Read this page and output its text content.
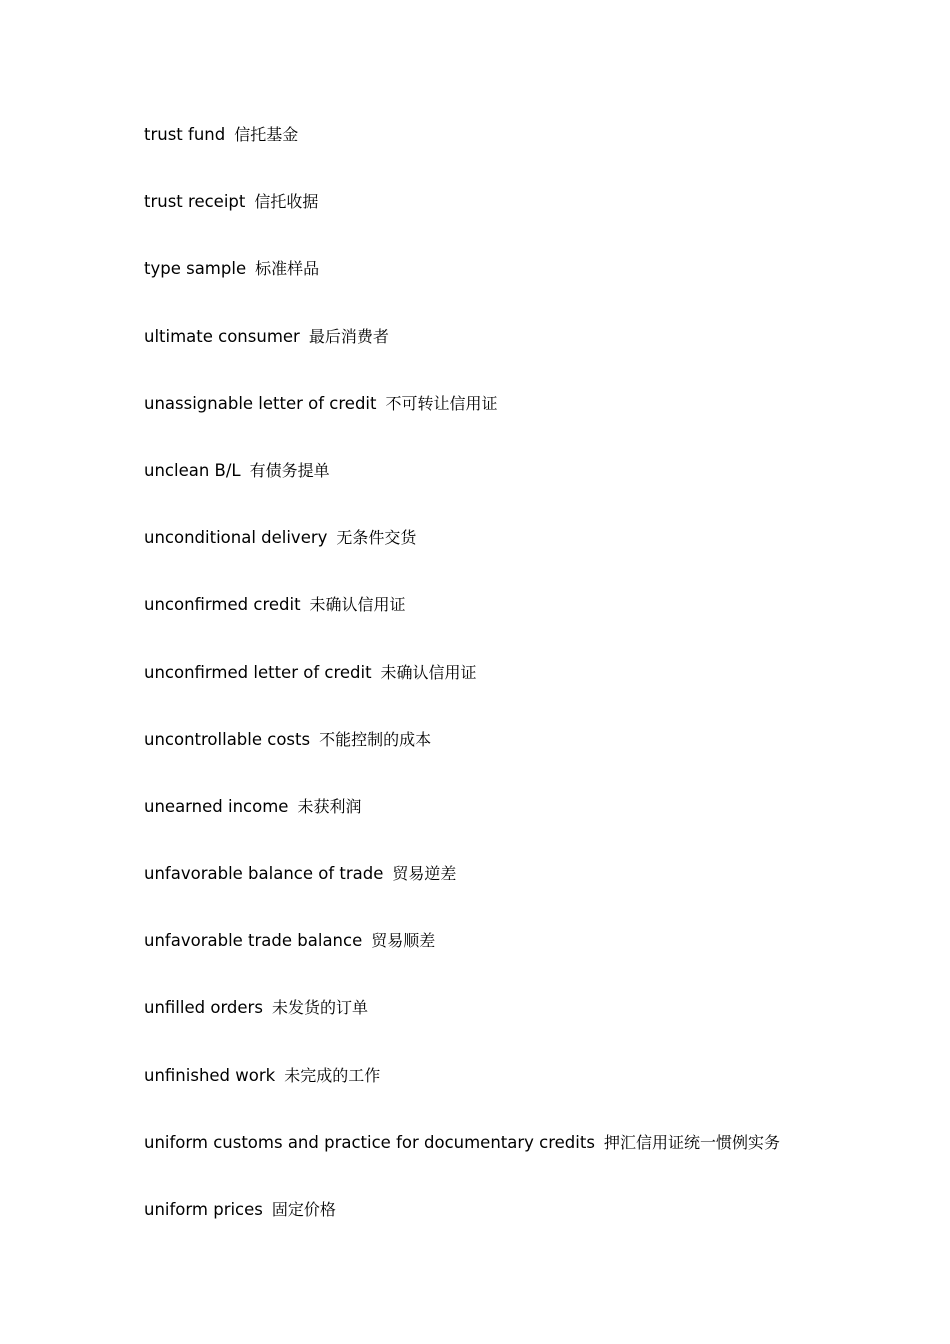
trust fund 信托基金
trust receipt 信托收据
type sample 标准样品
ultimate consumer 最后消费者
unassignable letter of credit 不可转让信用证
unclean B/L 有债务提单
unconditional delivery 无条件交货
unconfirmed credit 未确认信用证
unconfirmed letter of credit 未确认信用证
uncontrollable costs 不能控制的成本
unearned income 未获利润
unfavorable balance of trade 贸易逆差
unfavorable trade balance 贸易顺差
unfilled orders 未发货的订单
unfinished work 未完成的工作
uniform customs and practice for documentary credits 押汇信用证统一惯例实务
uniform prices 固定价格
